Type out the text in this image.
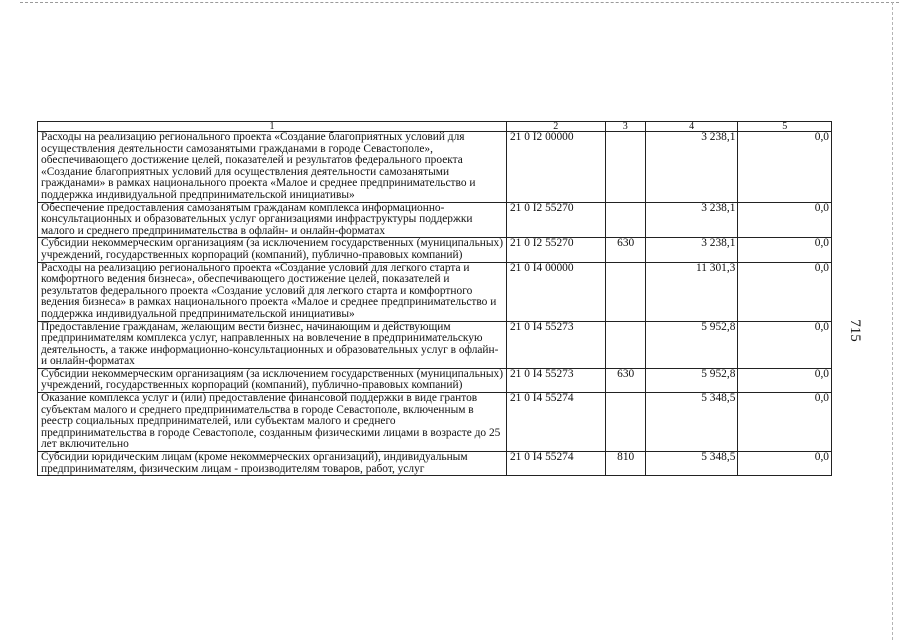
715
1	2	3	4	5
Расходы на реализацию регионального проекта «Создание благоприятных условий для осуществления деятельности самозанятыми гражданами в городе Севастополе», обеспечивающего достижение целей, показателей и результатов федерального проекта «Создание благоприятных условий для осуществления деятельности самозанятыми гражданами» в рамках национального проекта «Малое и среднее предпринимательство и поддержка индивидуальной предпринимательской инициативы»	21 0 I2 00000		3 238,1	0,0
Обеспечение предоставления самозанятым гражданам комплекса информационно-консультационных и образовательных услуг организациями инфраструктуры поддержки малого и среднего предпринимательства в офлайн- и онлайн-форматах	21 0 I2 55270		3 238,1	0,0
Субсидии некоммерческим организациям (за исключением государственных (муниципальных) учреждений, государственных корпораций (компаний), публично-правовых компаний)	21 0 I2 55270	630	3 238,1	0,0
Расходы на реализацию регионального проекта «Создание условий для легкого старта и комфортного ведения бизнеса», обеспечивающего достижение целей, показателей и результатов федерального проекта «Создание условий для легкого старта и комфортного ведения бизнеса» в рамках национального проекта «Малое и среднее предпринимательство и поддержка индивидуальной предпринимательской инициативы»	21 0 I4 00000		11 301,3	0,0
Предоставление гражданам, желающим вести бизнес, начинающим и действующим предпринимателям комплекса услуг, направленных на вовлечение в предпринимательскую деятельность, а также информационно-консультационных и образовательных услуг в офлайн- и онлайн-форматах	21 0 I4 55273		5 952,8	0,0
Субсидии некоммерческим организациям (за исключением государственных (муниципальных) учреждений, государственных корпораций (компаний), публично-правовых компаний)	21 0 I4 55273	630	5 952,8	0,0
Оказание комплекса услуг и (или) предоставление финансовой поддержки в виде грантов субъектам малого и среднего предпринимательства в городе Севастополе, включенным в реестр социальных предпринимателей, или субъектам малого и среднего предпринимательства в городе Севастополе, созданным физическими лицами в возрасте до 25 лет включительно	21 0 I4 55274		5 348,5	0,0
Субсидии юридическим лицам (кроме некоммерческих организаций), индивидуальным предпринимателям, физическим лицам - производителям товаров, работ, услуг	21 0 I4 55274	810	5 348,5	0,0
